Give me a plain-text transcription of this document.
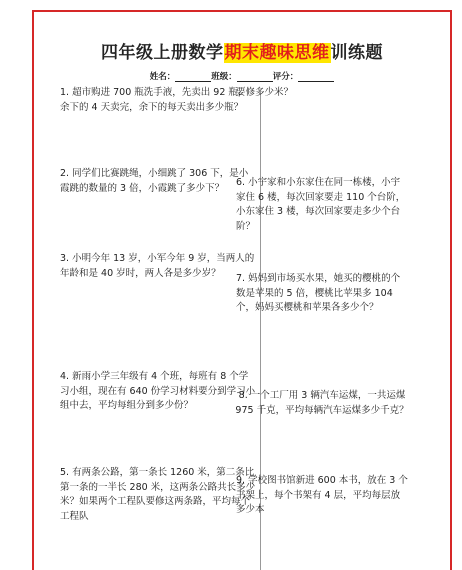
四年级上册数学期末趣味思维训练题
姓名：	班级：	评分：

1. 超市购进 700 瓶洗手液，先卖出 92 瓶，余下的 4 天卖完，余下的每天卖出多少瓶？

2. 同学们比赛跳绳，小细跳了 306 下，是小霞跳的数量的 3 倍，小霞跳了多少下？

3. 小明今年 13 岁，小军今年 9 岁，当两人的年龄和是 40 岁时，两人各是多少岁？

4. 新雨小学三年级有 4 个班，每班有 8 个学习小组，现在有 640 份学习材料要分到学习小组中去，平均每组分到多少份？

5. 有两条公路，第一条长 1260 米，第二条比第一条的一半长 280 米，这两条公路共长多少米？如果两个工程队要修这两条路，平均每个工程队

要修多少米？

6. 小宇家和小东家住在同一栋楼，小宇家住 6 楼，每次回家要走 110 个台阶，小东家住 3 楼，每次回家要走多少个台阶？

7. 妈妈到市场买水果，她买的樱桃的个数是苹果的 5 倍，樱桃比苹果多 104 个，妈妈买樱桃和苹果各多少个？

8. 一个工厂用 3 辆汽车运煤，一共运煤 975 千克，平均每辆汽车运煤多少千克？

9. 学校图书馆新进 600 本书，放在 3 个书架上，每个书架有 4 层，平均每层放多少本
